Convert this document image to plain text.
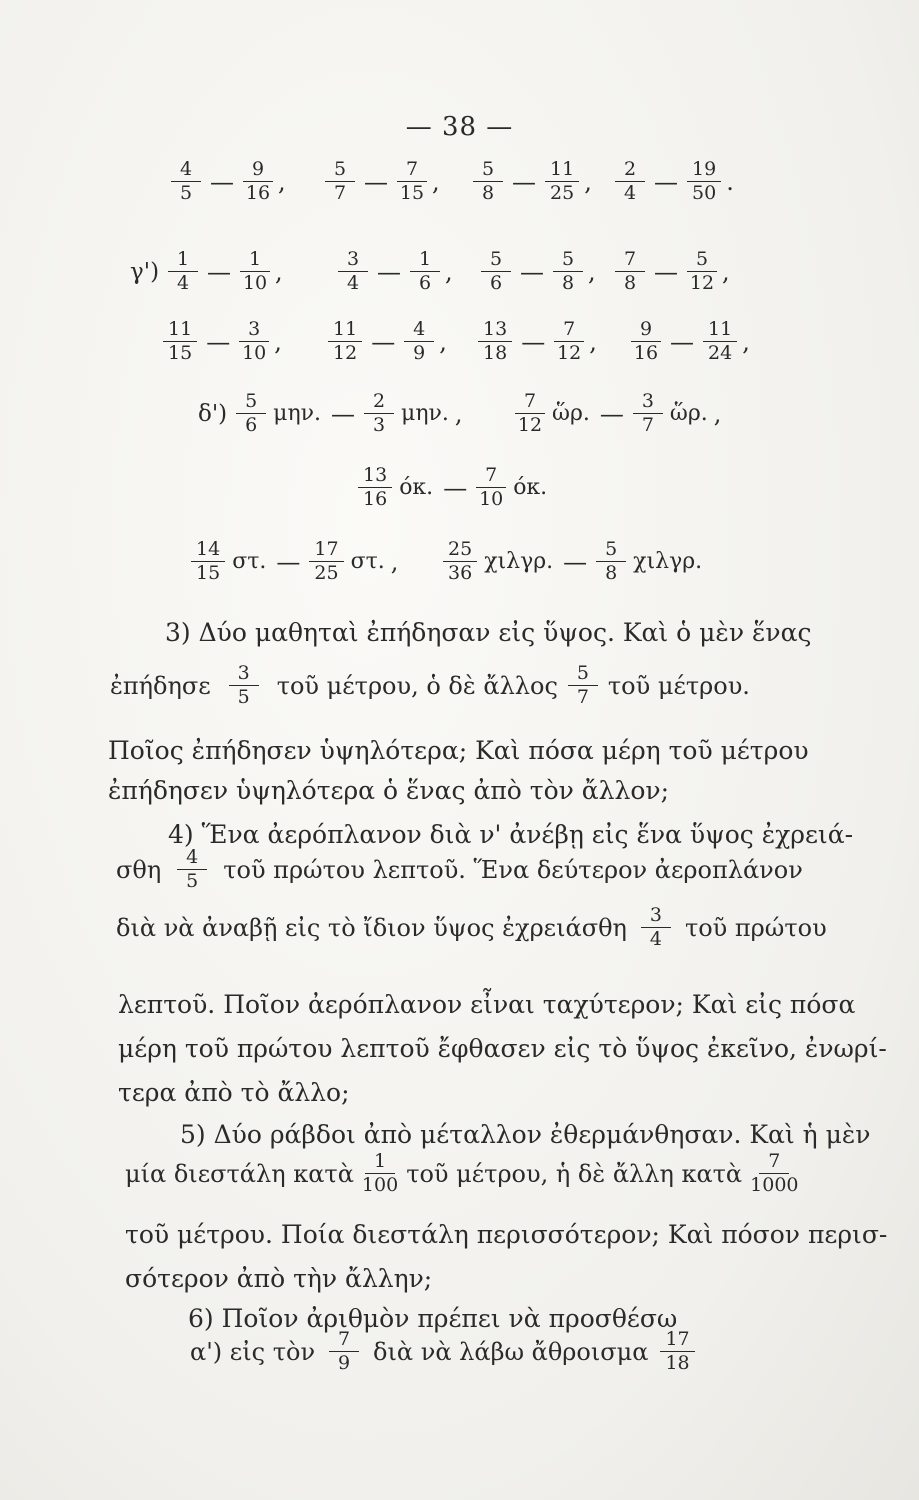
— 38 —
$\frac{4}{5}$ — $\frac{9}{16}$ , $\frac{5}{7}$ — $\frac{7}{15}$ , $\frac{5}{8}$ — $\frac{11}{25}$ , $\frac{2}{4}$ — $\frac{19}{50}$ .
$\gamma') \frac{1}{4}$ — $\frac{1}{10}$ ,	$\frac{3}{4}$ — $\frac{1}{6}$ , $\frac{5}{6}$ — $\frac{5}{8}$ , $\frac{7}{8}$ — $\frac{5}{12}$ ,
$\frac{11}{15}$ — $\frac{3}{10}$ , $\frac{11}{12}$ — $\frac{4}{9}$ , $\frac{13}{18}$ — $\frac{7}{12}$ , $\frac{9}{16}$ — $\frac{11}{24}$ ,
$\delta') \frac{5}{6} \mu\eta\nu$. — $\frac{2}{3} \mu\eta\nu$. ,	$\frac{7}{12}$ ὥρ. — $\frac{3}{7}$ ὥρ. ,
$\frac{13}{16} ό\kappa$. — $\frac{7}{10} ό\kappa$.
$\frac{14}{15} \sigma\tau$. — $\frac{17}{25} \sigma\tau$. , $\frac{25}{36} \chi\iota\lambda\gamma\rho$. — $\frac{5}{8} \chi\iota\lambda\gamma\rho$.
3) Δύο μαθηταὶ ἐπήδησαν εἰς ὕψος. Καὶ ὁ μὲν ἕνας
ἐπήδησε $\frac{3}{5}$ τοῦ μέτρου, ὁ δὲ ἄλλος $\frac{5}{7}$ τοῦ μέτρου.
Ποῖος ἐπήδησεν ὑψηλότερα; Καὶ πόσα μέρη τοῦ μέτρου
ἐπήδησεν ὑψηλότερα ὁ ἕνας ἀπὸ τὸν ἄλλον;
4) Ἕνα ἀερόπλανον διὰ ν' ἀνέβῃ εἰς ἕνα ὕψος ἐχρειά-
σθη $\frac{4}{5}$ τοῦ πρώτου λεπτοῦ. Ἕνα δεύτερον ἀεροπλάνον
διὰ νὰ ἀναβῇ εἰς τὸ ἴδιον ὕψος ἐχρειάσθη $\frac{3}{4}$ τοῦ πρώτου
λεπτοῦ. Ποῖον ἀερόπλανον εἶναι ταχύτερον; Καὶ εἰς πόσα
μέρη τοῦ πρώτου λεπτοῦ ἔφθασεν εἰς τὸ ὕψος ἐκεῖνο, ἐνωρί-
τερα ἀπὸ τὸ ἄλλο;
5) Δύο ράβδοι ἀπὸ μέταλλον ἐθερμάνθησαν. Καὶ ἡ μὲν
μία διεστάλη κατὰ $\frac{1}{100}$ τοῦ μέτρου, ἡ δὲ ἄλλη κατὰ $\frac{7}{1000}$
τοῦ μέτρου. Ποία διεστάλη περισσότερον; Καὶ πόσον περισ-
σότερον ἀπὸ τὴν ἄλλην;
6) Ποῖον ἀριθμὸν πρέπει νὰ προσθέσω
α') εἰς τὸν $\frac{7}{9}$ διὰ νὰ λάβω ἄθροισμα $\frac{17}{18}$
